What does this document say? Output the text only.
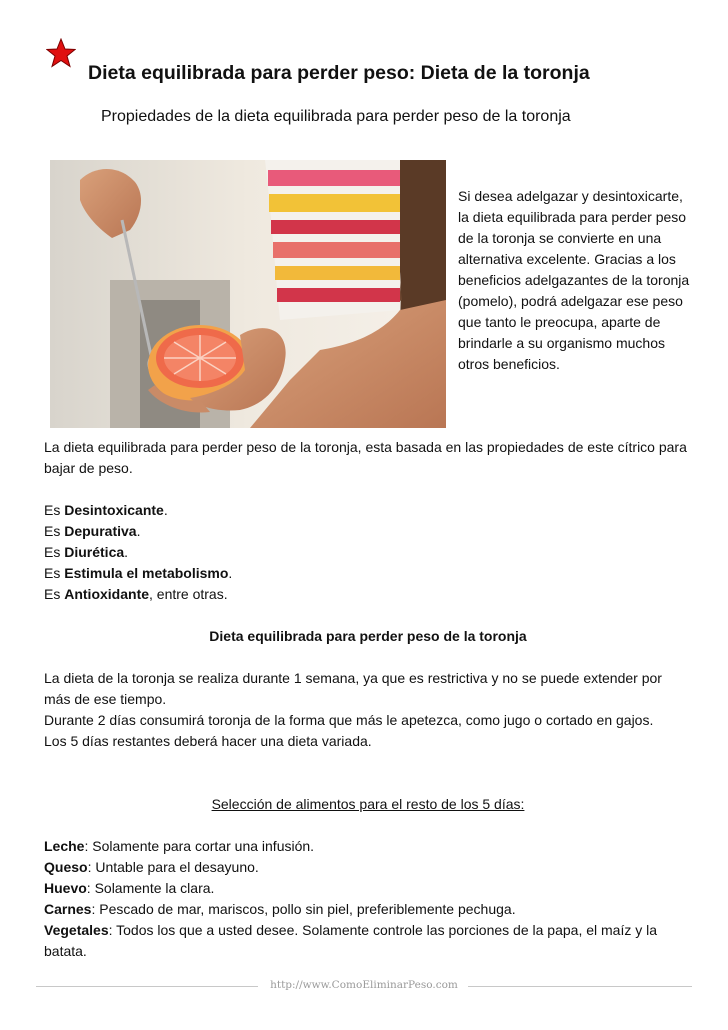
Dieta equilibrada para perder peso: Dieta de la toronja
Propiedades de la dieta equilibrada para perder peso de la toronja
Si desea adelgazar y desintoxicarte, la dieta equilibrada para perder peso de la toronja se convierte en una alternativa excelente. Gracias a los beneficios adelgazantes de la toronja (pomelo), podrá adelgazar ese peso que tanto le preocupa, aparte de brindarle a su organismo muchos otros beneficios.

La dieta equilibrada para perder peso de la toronja, esta basada en las propiedades de este cítrico para bajar de peso.

Es Desintoxicante.

Es Depurativa.

Es Diurética.

Es Estimula el metabolismo.

Es Antioxidante, entre otras.

Dieta equilibrada para perder peso de la toronja

La dieta de la toronja se realiza durante 1 semana, ya que es restrictiva y no se puede extender por más de ese tiempo.

Durante 2 días consumirá toronja de la forma que más le apetezca, como jugo o cortado en gajos.

Los 5 días restantes deberá hacer una dieta variada.

Selección de alimentos para el resto de los 5 días:

Leche: Solamente para cortar una infusión.

Queso: Untable para el desayuno.

Huevo: Solamente la clara.

Carnes: Pescado de mar, mariscos, pollo sin piel, preferiblemente pechuga.

Vegetales: Todos los que a usted desee. Solamente controle las porciones de la papa, el maíz y la batata.

http://www.ComoEliminarPeso.com
